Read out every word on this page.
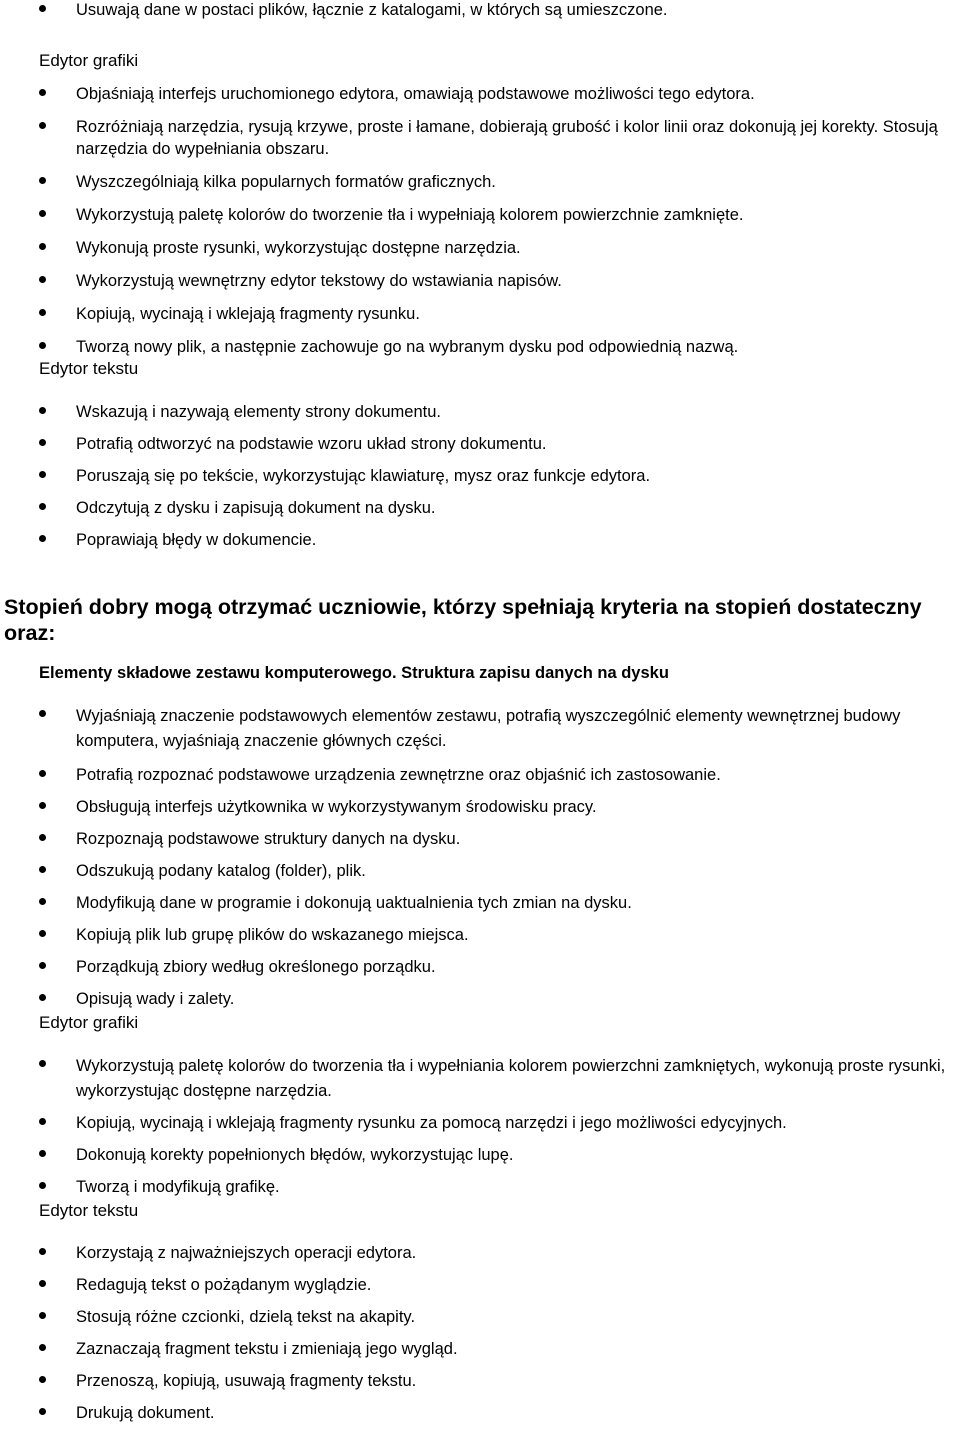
Usuwają dane w postaci plików, łącznie z katalogami, w których są umieszczone.

Edytor grafiki

Objaśniają interfejs uruchomionego edytora, omawiają podstawowe możliwości tego edytora.
Rozróżniają narzędzia, rysują krzywe, proste i łamane, dobierają grubość i kolor linii oraz dokonują jej korekty. Stosują narzędzia do wypełniania obszaru.
Wyszczególniają kilka popularnych formatów graficznych.
Wykorzystują paletę kolorów do tworzenie tła i wypełniają kolorem powierzchnie zamknięte.
Wykonują proste rysunki, wykorzystując dostępne narzędzia.
Wykorzystują wewnętrzny edytor tekstowy do wstawiania napisów.
Kopiują, wycinają i wklejają fragmenty rysunku.
Tworzą nowy plik, a następnie zachowuje go na wybranym dysku pod odpowiednią nazwą.

Edytor tekstu

Wskazują i nazywają elementy strony dokumentu.
Potrafią odtworzyć na podstawie wzoru układ strony dokumentu.
Poruszają się po tekście, wykorzystując klawiaturę, mysz oraz funkcje edytora.
Odczytują z dysku i zapisują dokument na dysku.
Poprawiają błędy w dokumencie.

Stopień dobry mogą otrzymać uczniowie, którzy spełniają kryteria na stopień dostateczny oraz:

Elementy składowe zestawu komputerowego. Struktura zapisu danych na dysku

Wyjaśniają znaczenie podstawowych elementów zestawu, potrafią wyszczególnić elementy wewnętrznej budowy komputera, wyjaśniają znaczenie głównych części.
Potrafią rozpoznać podstawowe urządzenia zewnętrzne oraz objaśnić ich zastosowanie.
Obsługują interfejs użytkownika w wykorzystywanym środowisku pracy.
Rozpoznają podstawowe struktury danych na dysku.
Odszukują podany katalog (folder), plik.
Modyfikują dane w programie i dokonują uaktualnienia tych zmian na dysku.
Kopiują plik lub grupę plików do wskazanego miejsca.
Porządkują zbiory według określonego porządku.
Opisują wady i zalety.

Edytor grafiki

Wykorzystują paletę kolorów do tworzenia tła i wypełniania kolorem powierzchni zamkniętych, wykonują proste rysunki, wykorzystując dostępne narzędzia.
Kopiują, wycinają i wklejają fragmenty rysunku za pomocą narzędzi i jego możliwości edycyjnych.
Dokonują korekty popełnionych błędów, wykorzystując lupę.
Tworzą i modyfikują grafikę.

Edytor tekstu

Korzystają z najważniejszych operacji edytora.
Redagują tekst o pożądanym wyglądzie.
Stosują różne czcionki, dzielą tekst na akapity.
Zaznaczają fragment tekstu i zmieniają jego wygląd.
Przenoszą, kopiują, usuwają fragmenty tekstu.
Drukują dokument.
